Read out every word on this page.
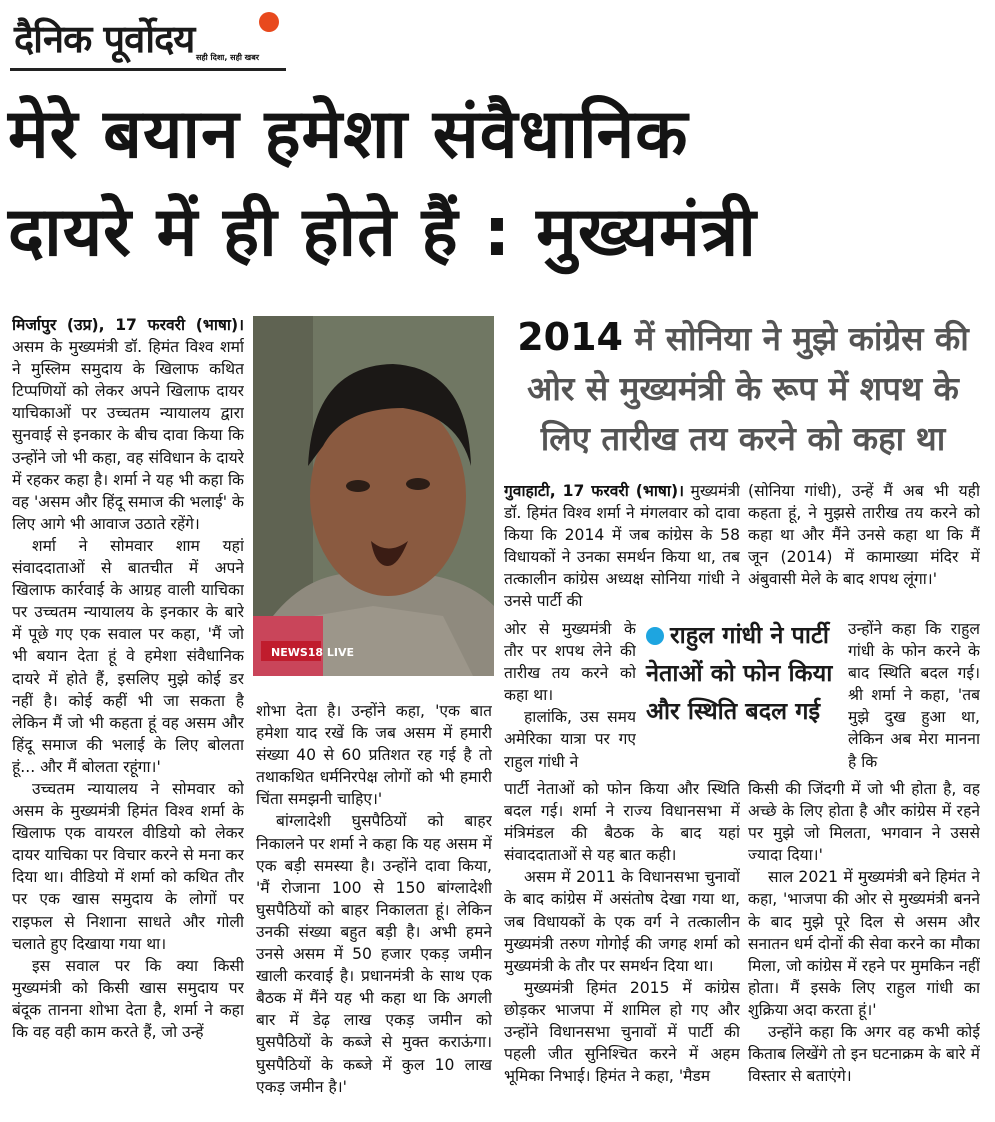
दैनिक पूर्वोदय सही दिशा, सही खबर
मेरे बयान हमेशा संवैधानिक
दायरे में ही होते हैं : मुख्यमंत्री

मिर्जापुर (उप्र), 17 फरवरी (भाषा)। असम के मुख्यमंत्री डॉ. हिमंत विश्व शर्मा ने मुस्लिम समुदाय के खिलाफ कथित टिप्पणियों को लेकर अपने खिलाफ दायर याचिकाओं पर उच्चतम न्यायालय द्वारा सुनवाई से इनकार के बीच दावा किया कि उन्होंने जो भी कहा, वह संविधान के दायरे में रहकर कहा है। शर्मा ने यह भी कहा कि वह 'असम और हिंदू समाज की भलाई' के लिए आगे भी आवाज उठाते रहेंगे।

शर्मा ने सोमवार शाम यहां संवाददाताओं से बातचीत में अपने खिलाफ कार्रवाई के आग्रह वाली याचिका पर उच्चतम न्यायालय के इनकार के बारे में पूछे गए एक सवाल पर कहा, 'मैं जो भी बयान देता हूं वे हमेशा संवैधानिक दायरे में होते हैं, इसलिए मुझे कोई डर नहीं है। कोई कहीं भी जा सकता है लेकिन मैं जो भी कहता हूं वह असम और हिंदू समाज की भलाई के लिए बोलता हूं... और मैं बोलता रहूंगा।'

उच्चतम न्यायालय ने सोमवार को असम के मुख्यमंत्री हिमंत विश्व शर्मा के खिलाफ एक वायरल वीडियो को लेकर दायर याचिका पर विचार करने से मना कर दिया था। वीडियो में शर्मा को कथित तौर पर एक खास समुदाय के लोगों पर राइफल से निशाना साधते और गोली चलाते हुए दिखाया गया था।

इस सवाल पर कि क्या किसी मुख्यमंत्री को किसी खास समुदाय पर बंदूक तानना शोभा देता है, शर्मा ने कहा कि वह वही काम करते हैं, जो उन्हें

NEWS18 LIVE

शोभा देता है। उन्होंने कहा, 'एक बात हमेशा याद रखें कि जब असम में हमारी संख्या 40 से 60 प्रतिशत रह गई है तो तथाकथित धर्मनिरपेक्ष लोगों को भी हमारी चिंता समझनी चाहिए।'

बांग्लादेशी घुसपैठियों को बाहर निकालने पर शर्मा ने कहा कि यह असम में एक बड़ी समस्या है। उन्होंने दावा किया, 'मैं रोजाना 100 से 150 बांग्लादेशी घुसपैठियों को बाहर निकालता हूं। लेकिन उनकी संख्या बहुत बड़ी है। अभी हमने उनसे असम में 50 हजार एकड़ जमीन खाली करवाई है। प्रधानमंत्री के साथ एक बैठक में मैंने यह भी कहा था कि अगली बार में डेढ़ लाख एकड़ जमीन को घुसपैठियों के कब्जे से मुक्त कराऊंगा। घुसपैठियों के कब्जे में कुल 10 लाख एकड़ जमीन है।'

2014 में सोनिया ने मुझे कांग्रेस की ओर से मुख्यमंत्री के रूप में शपथ के लिए तारीख तय करने को कहा था

गुवाहाटी, 17 फरवरी (भाषा)। मुख्यमंत्री डॉ. हिमंत विश्व शर्मा ने मंगलवार को दावा किया कि 2014 में जब कांग्रेस के 58 विधायकों ने उनका समर्थन किया था, तब तत्कालीन कांग्रेस अध्यक्ष सोनिया गांधी ने उनसे पार्टी की

ओर से मुख्यमंत्री के तौर पर शपथ लेने की तारीख तय करने को कहा था।

हालांकि, उस समय अमेरिका यात्रा पर गए राहुल गांधी ने

राहुल गांधी ने पार्टी नेताओं को फोन किया और स्थिति बदल गई

पार्टी नेताओं को फोन किया और स्थिति बदल गई। शर्मा ने राज्य विधानसभा में मंत्रिमंडल की बैठक के बाद यहां संवाददाताओं से यह बात कही।

असम में 2011 के विधानसभा चुनावों के बाद कांग्रेस में असंतोष देखा गया था, जब विधायकों के एक वर्ग ने तत्कालीन मुख्यमंत्री तरुण गोगोई की जगह शर्मा को मुख्यमंत्री के तौर पर समर्थन दिया था।

मुख्यमंत्री हिमंत 2015 में कांग्रेस छोड़कर भाजपा में शामिल हो गए और उन्होंने विधानसभा चुनावों में पार्टी की पहली जीत सुनिश्चित करने में अहम भूमिका निभाई। हिमंत ने कहा, 'मैडम

(सोनिया गांधी), उन्हें मैं अब भी यही कहता हूं, ने मुझसे तारीख तय करने को कहा था और मैंने उनसे कहा था कि मैं जून (2014) में कामाख्या मंदिर में अंबुवासी मेले के बाद शपथ लूंगा।'

उन्होंने कहा कि राहुल गांधी के फोन करने के बाद स्थिति बदल गई। श्री शर्मा ने कहा, 'तब मुझे दुख हुआ था, लेकिन अब मेरा मानना है कि

किसी की जिंदगी में जो भी होता है, वह अच्छे के लिए होता है और कांग्रेस में रहने पर मुझे जो मिलता, भगवान ने उससे ज्यादा दिया।'

साल 2021 में मुख्यमंत्री बने हिमंत ने कहा, 'भाजपा की ओर से मुख्यमंत्री बनने के बाद मुझे पूरे दिल से असम और सनातन धर्म दोनों की सेवा करने का मौका मिला, जो कांग्रेस में रहने पर मुमकिन नहीं होता। मैं इसके लिए राहुल गांधी का शुक्रिया अदा करता हूं।'

उन्होंने कहा कि अगर वह कभी कोई किताब लिखेंगे तो इन घटनाक्रम के बारे में विस्तार से बताएंगे।
